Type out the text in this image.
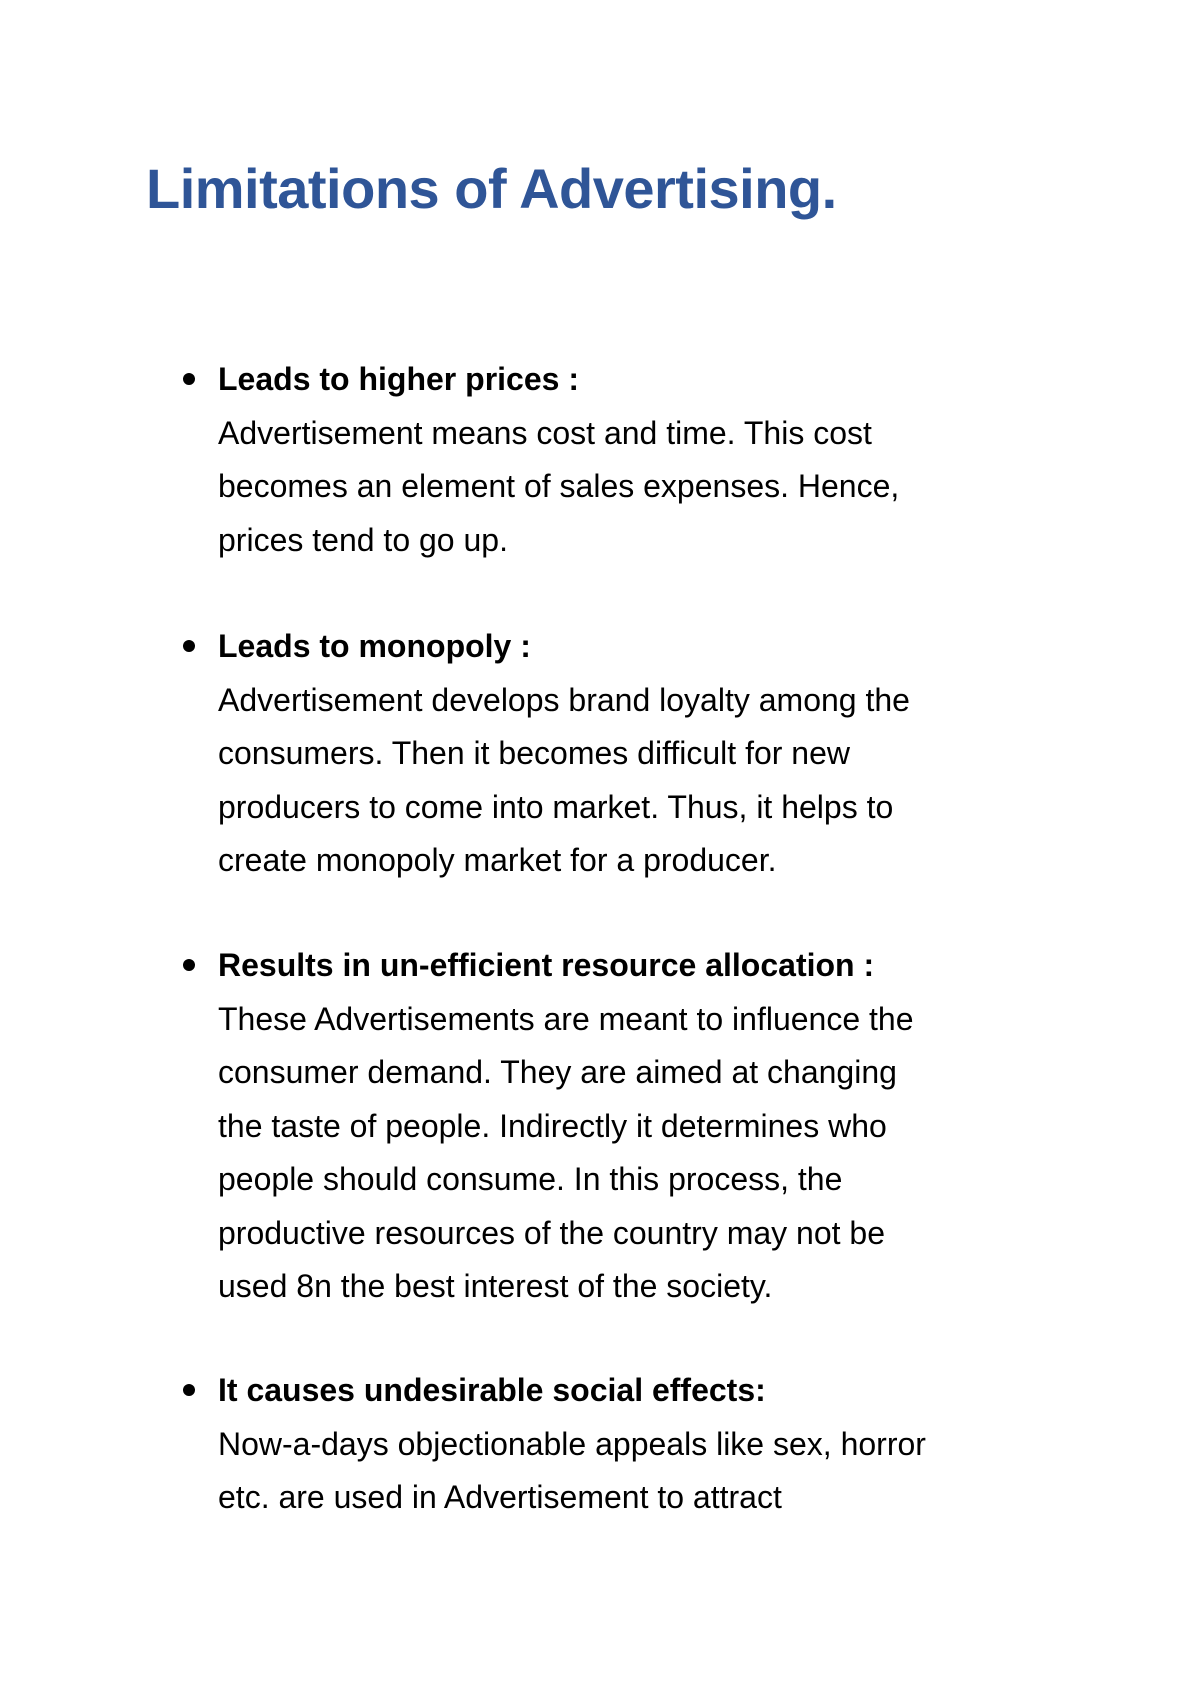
Limitations of Advertising.
Leads to higher prices :
Advertisement means cost and time. This cost
becomes an element of sales expenses. Hence,
prices tend to go up.
Leads to monopoly :
Advertisement develops brand loyalty among the
consumers. Then it becomes difficult for new
producers to come into market. Thus, it helps to
create monopoly market for a producer.
Results in un-efficient resource allocation :
These Advertisements are meant to influence the
consumer demand. They are aimed at changing
the taste of people. Indirectly it determines who
people should consume. In this process, the
productive resources of the country may not be
used 8n the best interest of the society.
It causes undesirable social effects:
Now-a-days objectionable appeals like sex, horror
etc. are used in Advertisement to attract
